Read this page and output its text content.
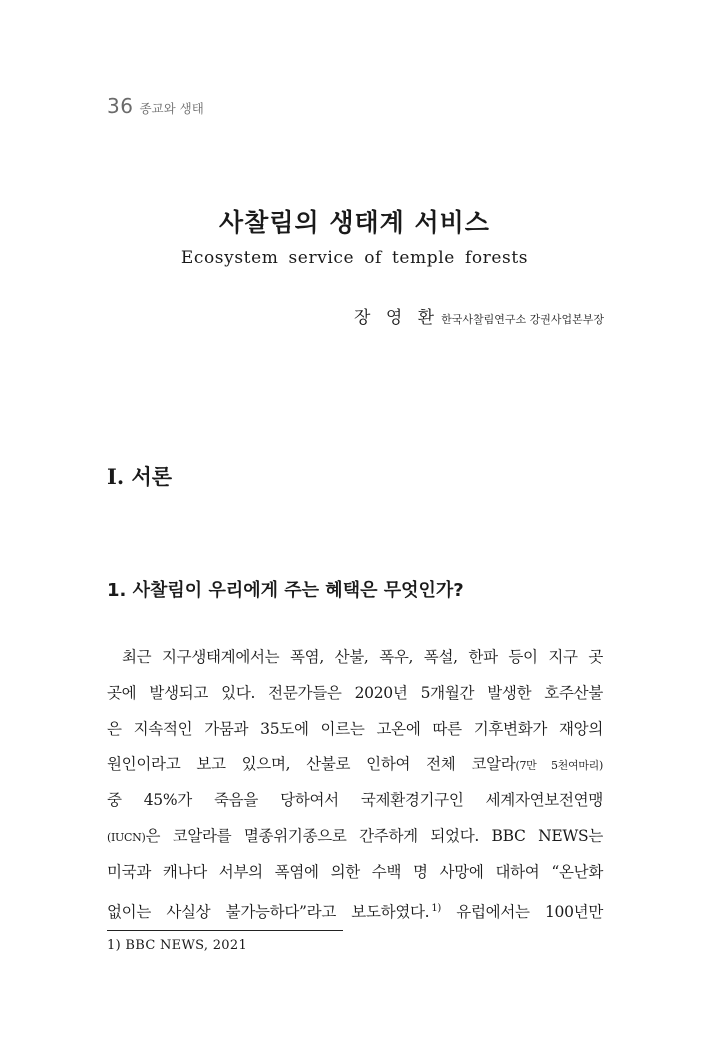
36 종교와 생태
사찰림의 생태계 서비스
Ecosystem service of temple forests
장 영 환 한국사찰림연구소 강권사업본부장
Ⅰ. 서론
1. 사찰림이 우리에게 주는 혜택은 무엇인가?
최근 지구생태계에서는 폭염, 산불, 폭우, 폭설, 한파 등이 지구 곳
곳에 발생되고 있다. 전문가들은 2020년 5개월간 발생한 호주산불
은 지속적인 가뭄과 35도에 이르는 고온에 따른 기후변화가 재앙의
원인이라고 보고 있으며, 산불로 인하여 전체 코알라(7만 5천여마리)
중 45%가 죽음을 당하여서 국제환경기구인 세계자연보전연맹
(IUCN)은 코알라를 멸종위기종으로 간주하게 되었다. BBC NEWS는
미국과 캐나다 서부의 폭염에 의한 수백 명 사망에 대하여 “온난화
없이는 사실상 불가능하다”라고 보도하였다. $^{1)}$ 유럽에서는 100년만
1) BBC NEWS, 2021
